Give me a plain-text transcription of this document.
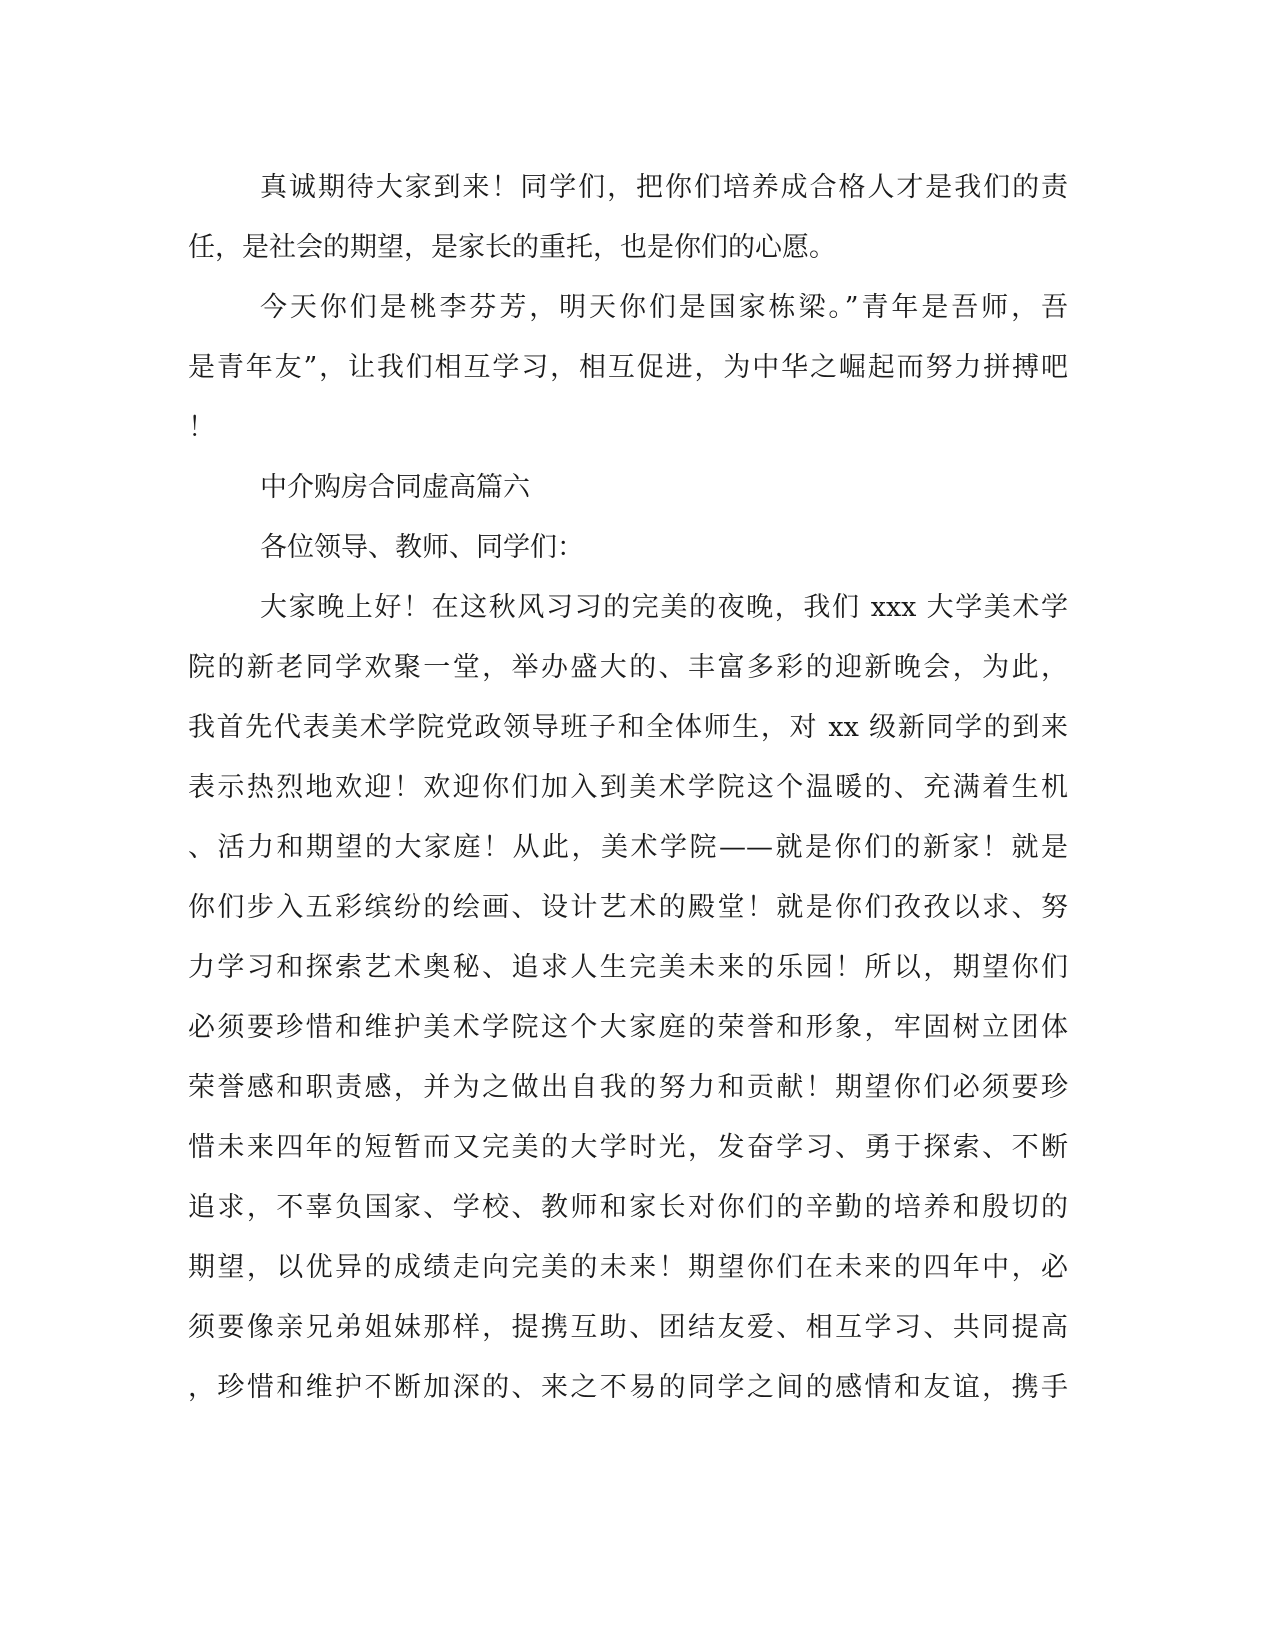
真诚期待大家到来！同学们，把你们培养成合格人才是我们的责
任，是社会的期望，是家长的重托，也是你们的心愿。
今天你们是桃李芬芳，明天你们是国家栋梁。”青年是吾师，吾
是青年友”，让我们相互学习，相互促进，为中华之崛起而努力拼搏吧
！
中介购房合同虚高篇六
各位领导、教师、同学们：
大家晚上好！在这秋风习习的完美的夜晚，我们 xxx 大学美术学
院的新老同学欢聚一堂，举办盛大的、丰富多彩的迎新晚会，为此，
我首先代表美术学院党政领导班子和全体师生，对 xx 级新同学的到来
表示热烈地欢迎！欢迎你们加入到美术学院这个温暖的、充满着生机
、活力和期望的大家庭！从此，美术学院——就是你们的新家！就是
你们步入五彩缤纷的绘画、设计艺术的殿堂！就是你们孜孜以求、努
力学习和探索艺术奥秘、追求人生完美未来的乐园！所以，期望你们
必须要珍惜和维护美术学院这个大家庭的荣誉和形象，牢固树立团体
荣誉感和职责感，并为之做出自我的努力和贡献！期望你们必须要珍
惜未来四年的短暂而又完美的大学时光，发奋学习、勇于探索、不断
追求，不辜负国家、学校、教师和家长对你们的辛勤的培养和殷切的
期望，以优异的成绩走向完美的未来！期望你们在未来的四年中，必
须要像亲兄弟姐妹那样，提携互助、团结友爱、相互学习、共同提高
，珍惜和维护不断加深的、来之不易的同学之间的感情和友谊，携手
